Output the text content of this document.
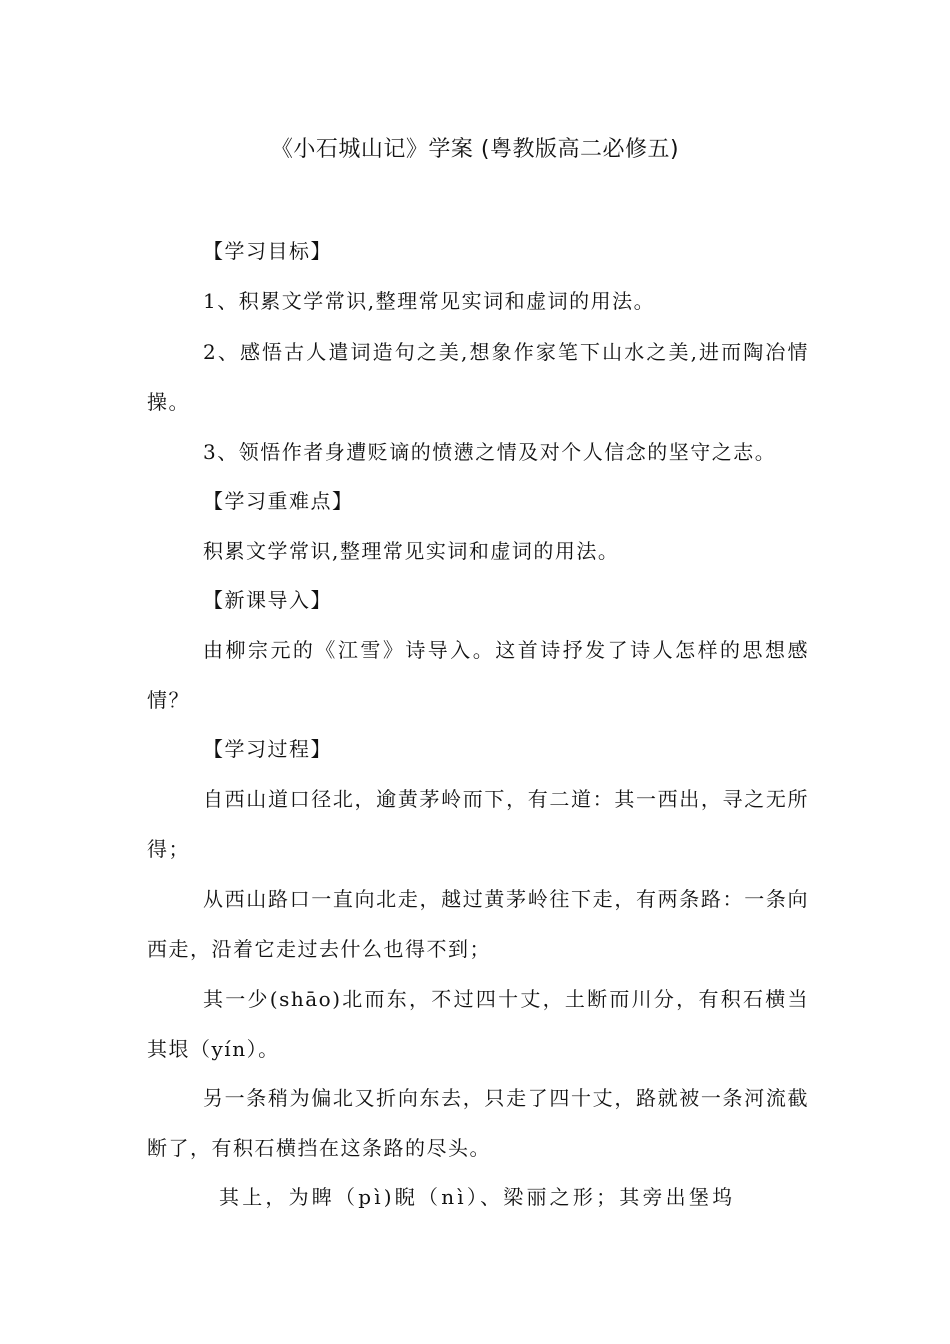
《小石城山记》学案 (粤教版高二必修五)
【学习目标】
1、积累文学常识,整理常见实词和虚词的用法。
2、感悟古人遣词造句之美,想象作家笔下山水之美,进而陶冶情操。
3、领悟作者身遭贬谪的愤懑之情及对个人信念的坚守之志。
【学习重难点】
积累文学常识,整理常见实词和虚词的用法。
【新课导入】
由柳宗元的《江雪》诗导入。这首诗抒发了诗人怎样的思想感情？
【学习过程】
自西山道口径北，逾黄茅岭而下，有二道：其一西出，寻之无所得；
从西山路口一直向北走，越过黄茅岭往下走，有两条路：一条向西走，沿着它走过去什么也得不到；
其一少(shāo)北而东，不过四十丈，土断而川分，有积石横当其垠（yín）。
另一条稍为偏北又折向东去，只走了四十丈，路就被一条河流截断了，有积石横挡在这条路的尽头。
其上，为睥（pì)睨（nì）、梁丽之形；其旁出堡坞
